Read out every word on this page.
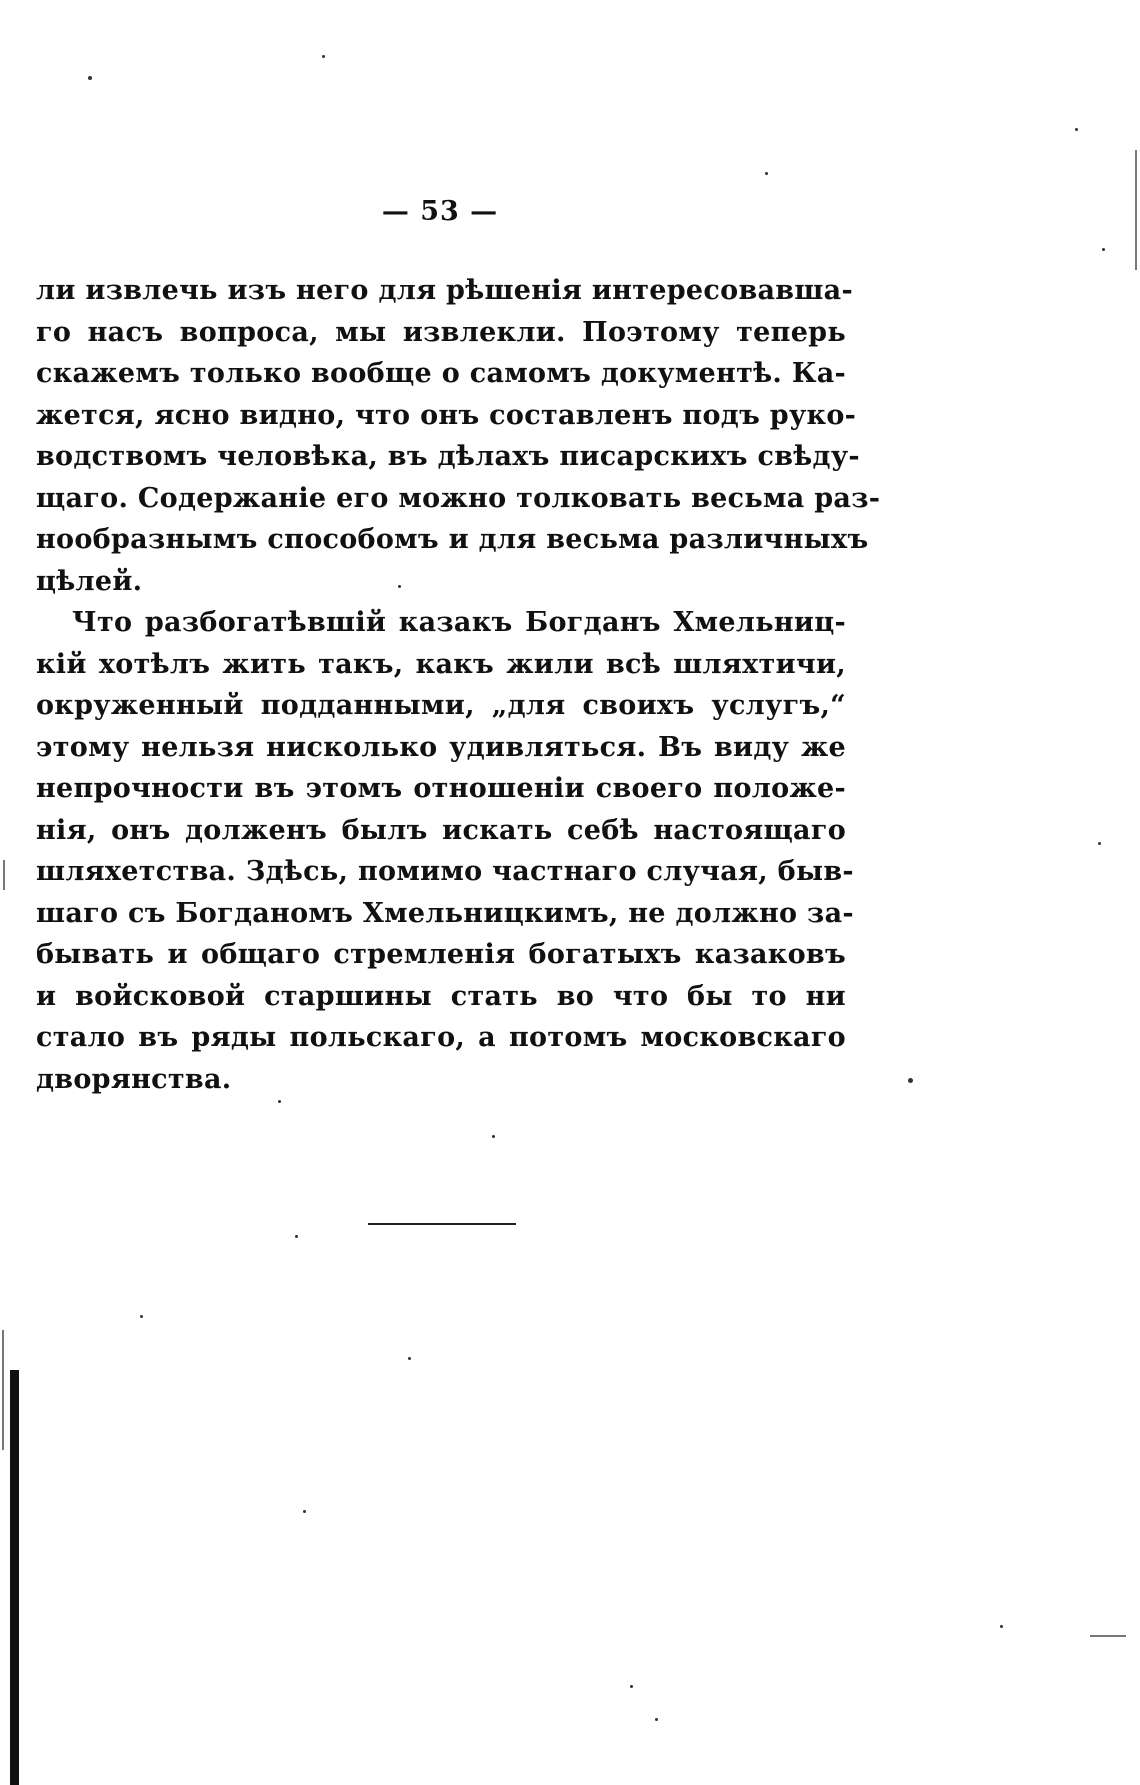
— 53 —
ли извлечь изъ него для рѣшенія интересовавша-
го насъ вопроса, мы извлекли. Поэтому теперь
скажемъ только вообще о самомъ документѣ. Ка-
жется, ясно видно, что онъ составленъ подъ руко-
водствомъ человѣка, въ дѣлахъ писарскихъ свѣду-
щаго. Содержаніе его можно толковать весьма раз-
нообразнымъ способомъ и для весьма различныхъ
цѣлей.
Что разбогатѣвшій казакъ Богданъ Хмельниц-
кій хотѣлъ жить такъ, какъ жили всѣ шляхтичи,
окруженный подданными, „для своихъ услугъ,“
этому нельзя нисколько удивляться. Въ виду же
непрочности въ этомъ отношеніи своего положе-
нія, онъ долженъ былъ искать себѣ настоящаго
шляхетства. Здѣсь, помимо частнаго случая, быв-
шаго съ Богданомъ Хмельницкимъ, не должно за-
бывать и общаго стремленія богатыхъ казаковъ
и войсковой старшины стать во что бы то ни
стало въ ряды польскаго, а потомъ московскаго
дворянства.
